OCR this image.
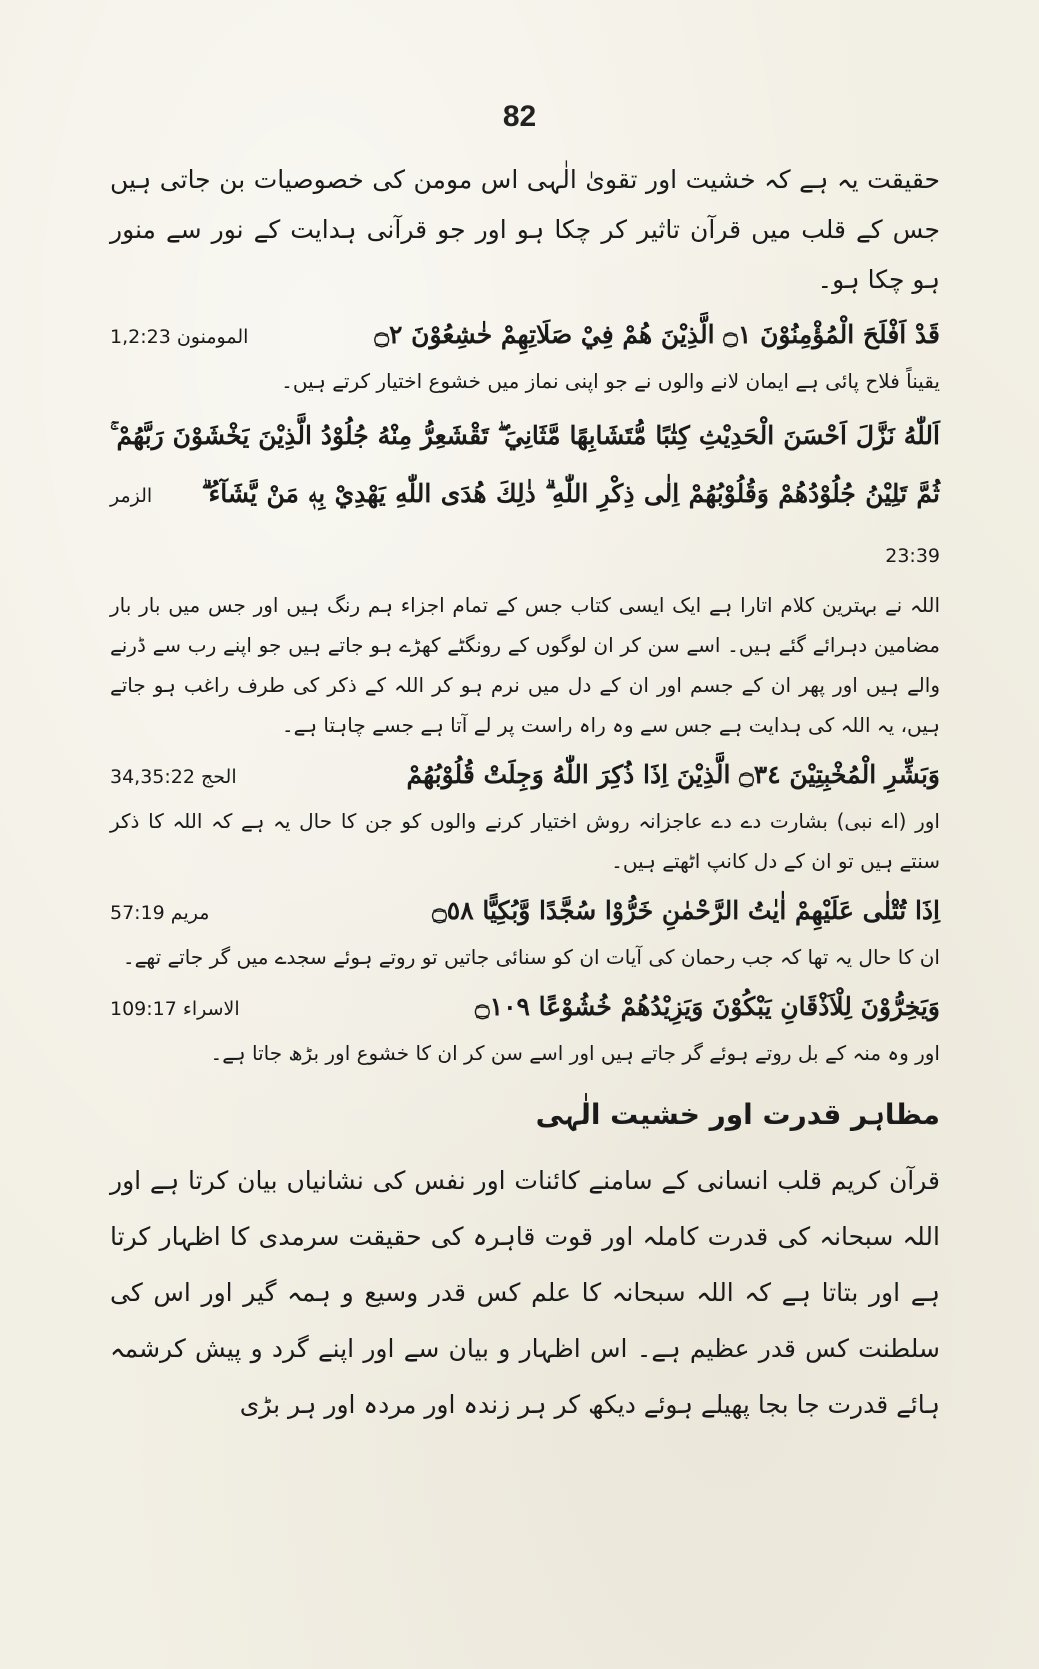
82

حقیقت یہ ہے کہ خشیت اور تقویٰ الٰہی اس مومن کی خصوصیات بن جاتی ہیں جس کے قلب میں قرآن تاثیر کر چکا ہو اور جو قرآنی ہدایت کے نور سے منور ہو چکا ہو۔

قَدْ اَفْلَحَ الْمُؤْمِنُوْنَ ۝١ الَّذِيْنَ هُمْ فِيْ صَلَاتِهِمْ خٰشِعُوْنَ ۝٢
المومنون 1,2:23

یقیناً فلاح پائی ہے ایمان لانے والوں نے جو اپنی نماز میں خشوع اختیار کرتے ہیں۔

اَللّٰهُ نَزَّلَ اَحْسَنَ الْحَدِيْثِ كِتٰبًا مُّتَشَابِهًا مَّثَانِيَ ۖ تَقْشَعِرُّ مِنْهُ جُلُوْدُ الَّذِيْنَ يَخْشَوْنَ رَبَّهُمْ ۚ ثُمَّ تَلِيْنُ جُلُوْدُهُمْ وَقُلُوْبُهُمْ اِلٰى ذِكْرِ اللّٰهِ ۗ ذٰلِكَ هُدَى اللّٰهِ يَهْدِيْ بِهٖ مَنْ يَّشَآءُ ۗ الزمر 23:39

اللہ نے بہترین کلام اتارا ہے ایک ایسی کتاب جس کے تمام اجزاء ہم رنگ ہیں اور جس میں بار بار مضامین دہرائے گئے ہیں۔ اسے سن کر ان لوگوں کے رونگٹے کھڑے ہو جاتے ہیں جو اپنے رب سے ڈرنے والے ہیں اور پھر ان کے جسم اور ان کے دل میں نرم ہو کر اللہ کے ذکر کی طرف راغب ہو جاتے ہیں، یہ اللہ کی ہدایت ہے جس سے وہ راہ راست پر لے آتا ہے جسے چاہتا ہے۔

وَبَشِّرِ الْمُخْبِتِيْنَ ۝٣٤ الَّذِيْنَ اِذَا ذُكِرَ اللّٰهُ وَجِلَتْ قُلُوْبُهُمْ
الحج 34,35:22

اور (اے نبی) بشارت دے دے عاجزانہ روش اختیار کرنے والوں کو جن کا حال یہ ہے کہ اللہ کا ذکر سنتے ہیں تو ان کے دل کانپ اٹھتے ہیں۔

اِذَا تُتْلٰى عَلَيْهِمْ اٰيٰتُ الرَّحْمٰنِ خَرُّوْا سُجَّدًا وَّبُكِيًّا ۝٥٨
مریم 57:19

ان کا حال یہ تھا کہ جب رحمان کی آیات ان کو سنائی جاتیں تو روتے ہوئے سجدے میں گر جاتے تھے۔

وَيَخِرُّوْنَ لِلْاَذْقَانِ يَبْكُوْنَ وَيَزِيْدُهُمْ خُشُوْعًا ۝١٠٩
الاسراء 109:17

اور وہ منہ کے بل روتے ہوئے گر جاتے ہیں اور اسے سن کر ان کا خشوع اور بڑھ جاتا ہے۔

مظاہر قدرت اور خشیت الٰہی

قرآن کریم قلب انسانی کے سامنے کائنات اور نفس کی نشانیاں بیان کرتا ہے اور اللہ سبحانہ کی قدرت کاملہ اور قوت قاہرہ کی حقیقت سرمدی کا اظہار کرتا ہے اور بتاتا ہے کہ اللہ سبحانہ کا علم کس قدر وسیع و ہمہ گیر اور اس کی سلطنت کس قدر عظیم ہے۔ اس اظہار و بیان سے اور اپنے گرد و پیش کرشمہ ہائے قدرت جا بجا پھیلے ہوئے دیکھ کر ہر زندہ اور مردہ اور ہر بڑی
